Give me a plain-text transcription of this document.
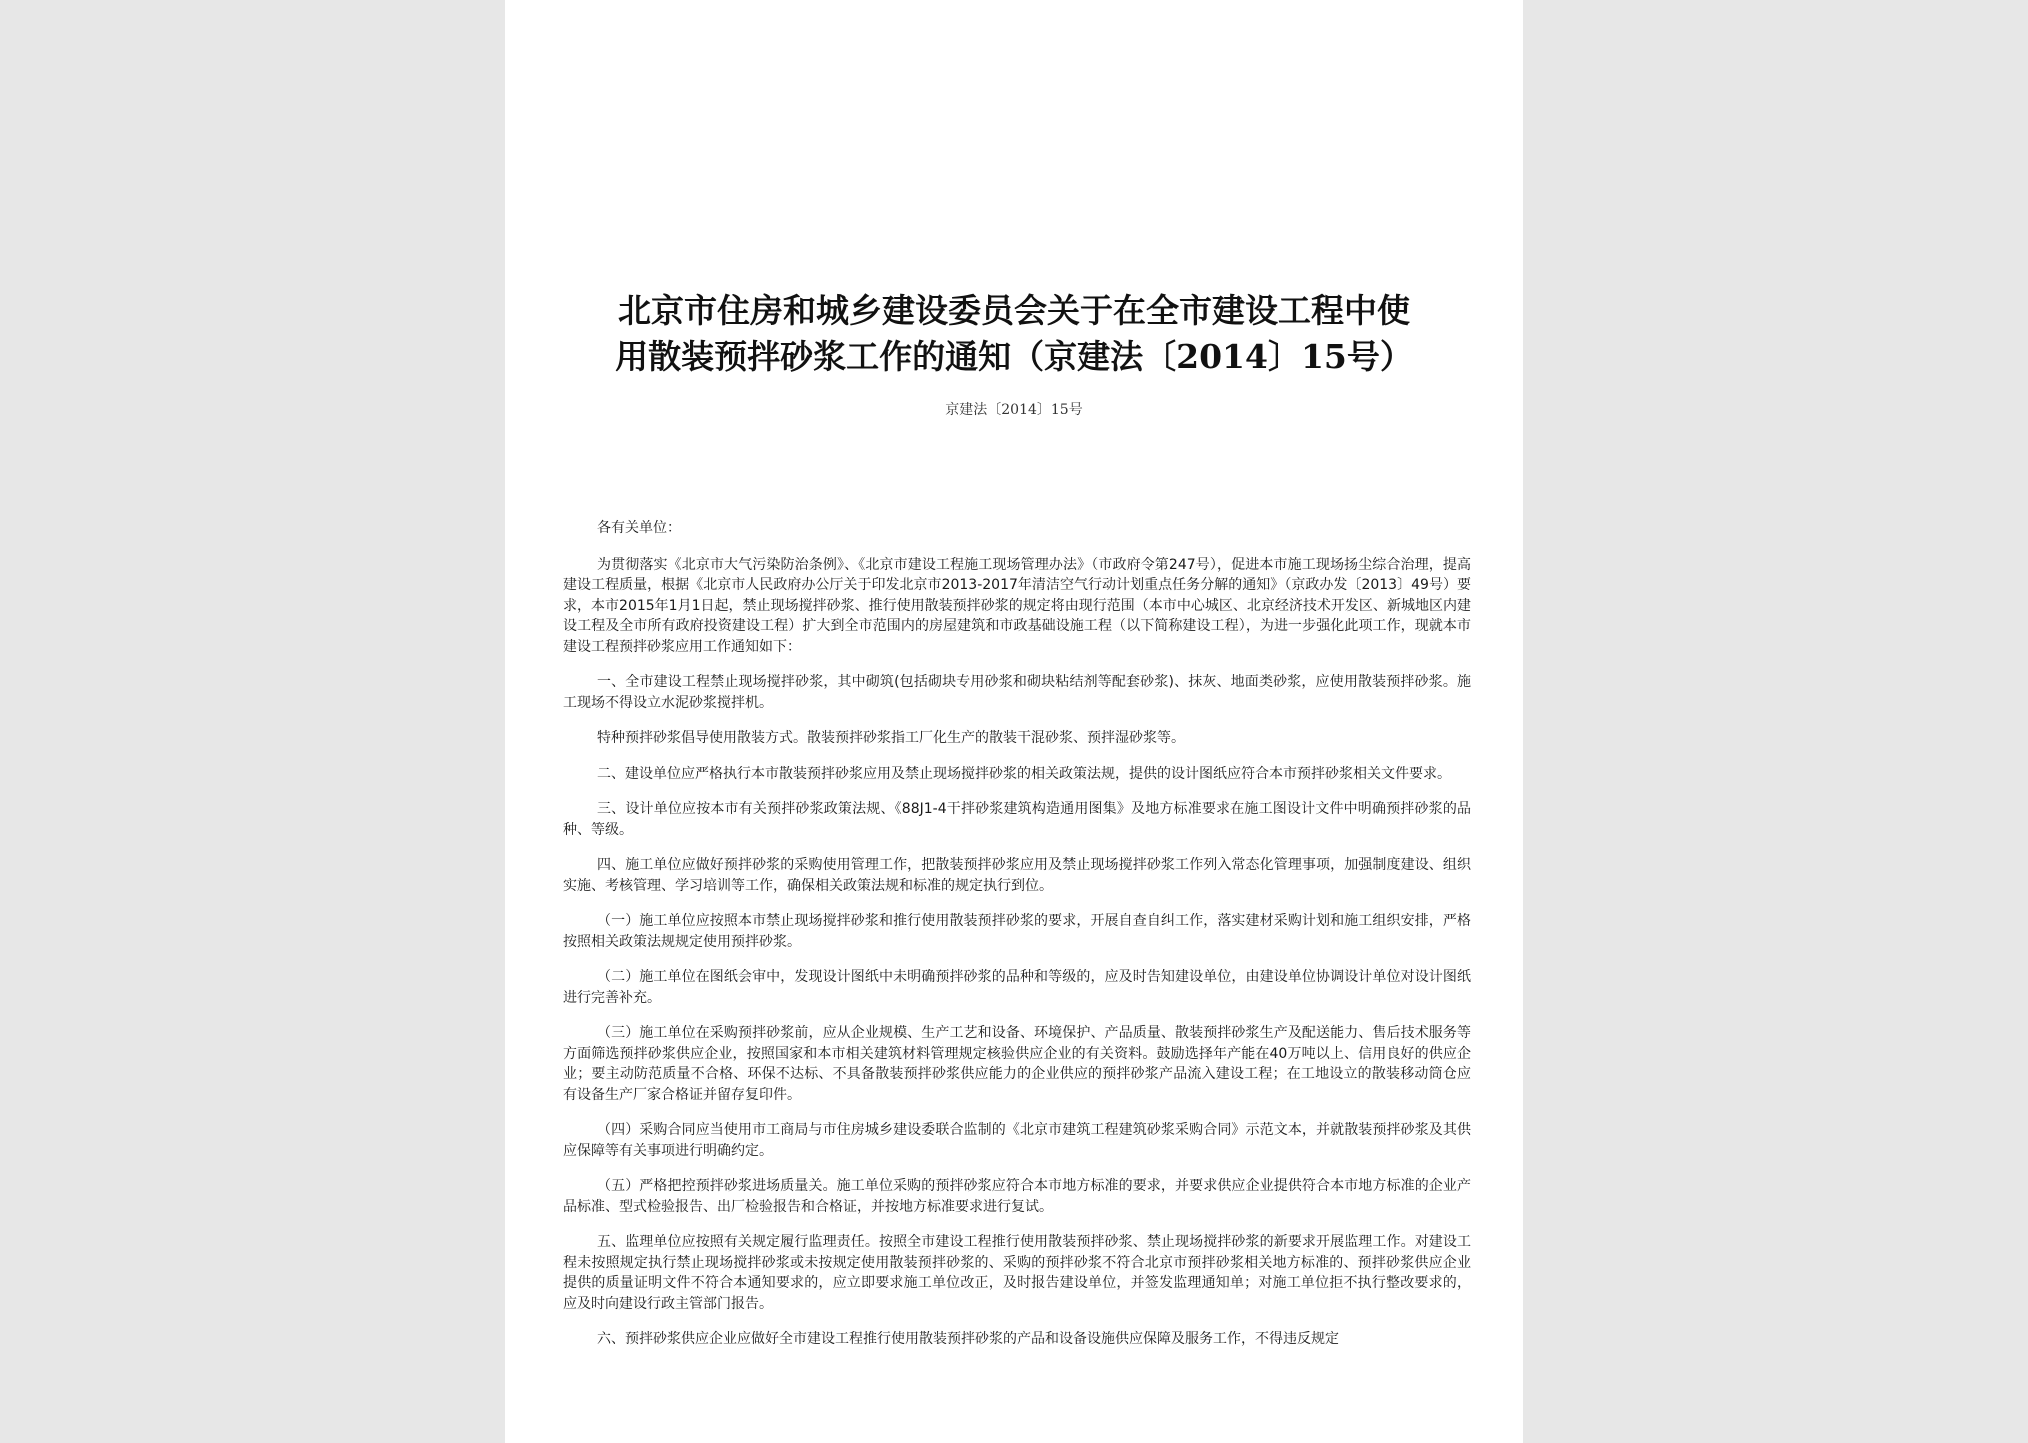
北京市住房和城乡建设委员会关于在全市建设工程中使
用散装预拌砂浆工作的通知（京建法〔2014〕15号）
京建法〔2014〕15号

各有关单位：

为贯彻落实《北京市大气污染防治条例》、《北京市建设工程施工现场管理办法》（市政府令第247号），促进本市施工现场扬尘综合治理，提高建设工程质量，根据《北京市人民政府办公厅关于印发北京市2013-2017年清洁空气行动计划重点任务分解的通知》（京政办发〔2013〕49号）要求，本市2015年1月1日起，禁止现场搅拌砂浆、推行使用散装预拌砂浆的规定将由现行范围（本市中心城区、北京经济技术开发区、新城地区内建设工程及全市所有政府投资建设工程）扩大到全市范围内的房屋建筑和市政基础设施工程（以下简称建设工程），为进一步强化此项工作，现就本市建设工程预拌砂浆应用工作通知如下：

一、全市建设工程禁止现场搅拌砂浆，其中砌筑(包括砌块专用砂浆和砌块粘结剂等配套砂浆)、抹灰、地面类砂浆，应使用散装预拌砂浆。施工现场不得设立水泥砂浆搅拌机。

特种预拌砂浆倡导使用散装方式。散装预拌砂浆指工厂化生产的散装干混砂浆、预拌湿砂浆等。

二、建设单位应严格执行本市散装预拌砂浆应用及禁止现场搅拌砂浆的相关政策法规，提供的设计图纸应符合本市预拌砂浆相关文件要求。

三、设计单位应按本市有关预拌砂浆政策法规、《88J1-4干拌砂浆建筑构造通用图集》及地方标准要求在施工图设计文件中明确预拌砂浆的品种、等级。

四、施工单位应做好预拌砂浆的采购使用管理工作，把散装预拌砂浆应用及禁止现场搅拌砂浆工作列入常态化管理事项，加强制度建设、组织实施、考核管理、学习培训等工作，确保相关政策法规和标准的规定执行到位。

（一）施工单位应按照本市禁止现场搅拌砂浆和推行使用散装预拌砂浆的要求，开展自查自纠工作，落实建材采购计划和施工组织安排，严格按照相关政策法规规定使用预拌砂浆。

（二）施工单位在图纸会审中，发现设计图纸中未明确预拌砂浆的品种和等级的，应及时告知建设单位，由建设单位协调设计单位对设计图纸进行完善补充。

（三）施工单位在采购预拌砂浆前，应从企业规模、生产工艺和设备、环境保护、产品质量、散装预拌砂浆生产及配送能力、售后技术服务等方面筛选预拌砂浆供应企业，按照国家和本市相关建筑材料管理规定核验供应企业的有关资料。鼓励选择年产能在40万吨以上、信用良好的供应企业；要主动防范质量不合格、环保不达标、不具备散装预拌砂浆供应能力的企业供应的预拌砂浆产品流入建设工程；在工地设立的散装移动筒仓应有设备生产厂家合格证并留存复印件。

（四）采购合同应当使用市工商局与市住房城乡建设委联合监制的《北京市建筑工程建筑砂浆采购合同》示范文本，并就散装预拌砂浆及其供应保障等有关事项进行明确约定。

（五）严格把控预拌砂浆进场质量关。施工单位采购的预拌砂浆应符合本市地方标准的要求，并要求供应企业提供符合本市地方标准的企业产品标准、型式检验报告、出厂检验报告和合格证，并按地方标准要求进行复试。

五、监理单位应按照有关规定履行监理责任。按照全市建设工程推行使用散装预拌砂浆、禁止现场搅拌砂浆的新要求开展监理工作。对建设工程未按照规定执行禁止现场搅拌砂浆或未按规定使用散装预拌砂浆的、采购的预拌砂浆不符合北京市预拌砂浆相关地方标准的、预拌砂浆供应企业提供的质量证明文件不符合本通知要求的，应立即要求施工单位改正，及时报告建设单位，并签发监理通知单；对施工单位拒不执行整改要求的，应及时向建设行政主管部门报告。

六、预拌砂浆供应企业应做好全市建设工程推行使用散装预拌砂浆的产品和设备设施供应保障及服务工作，不得违反规定
